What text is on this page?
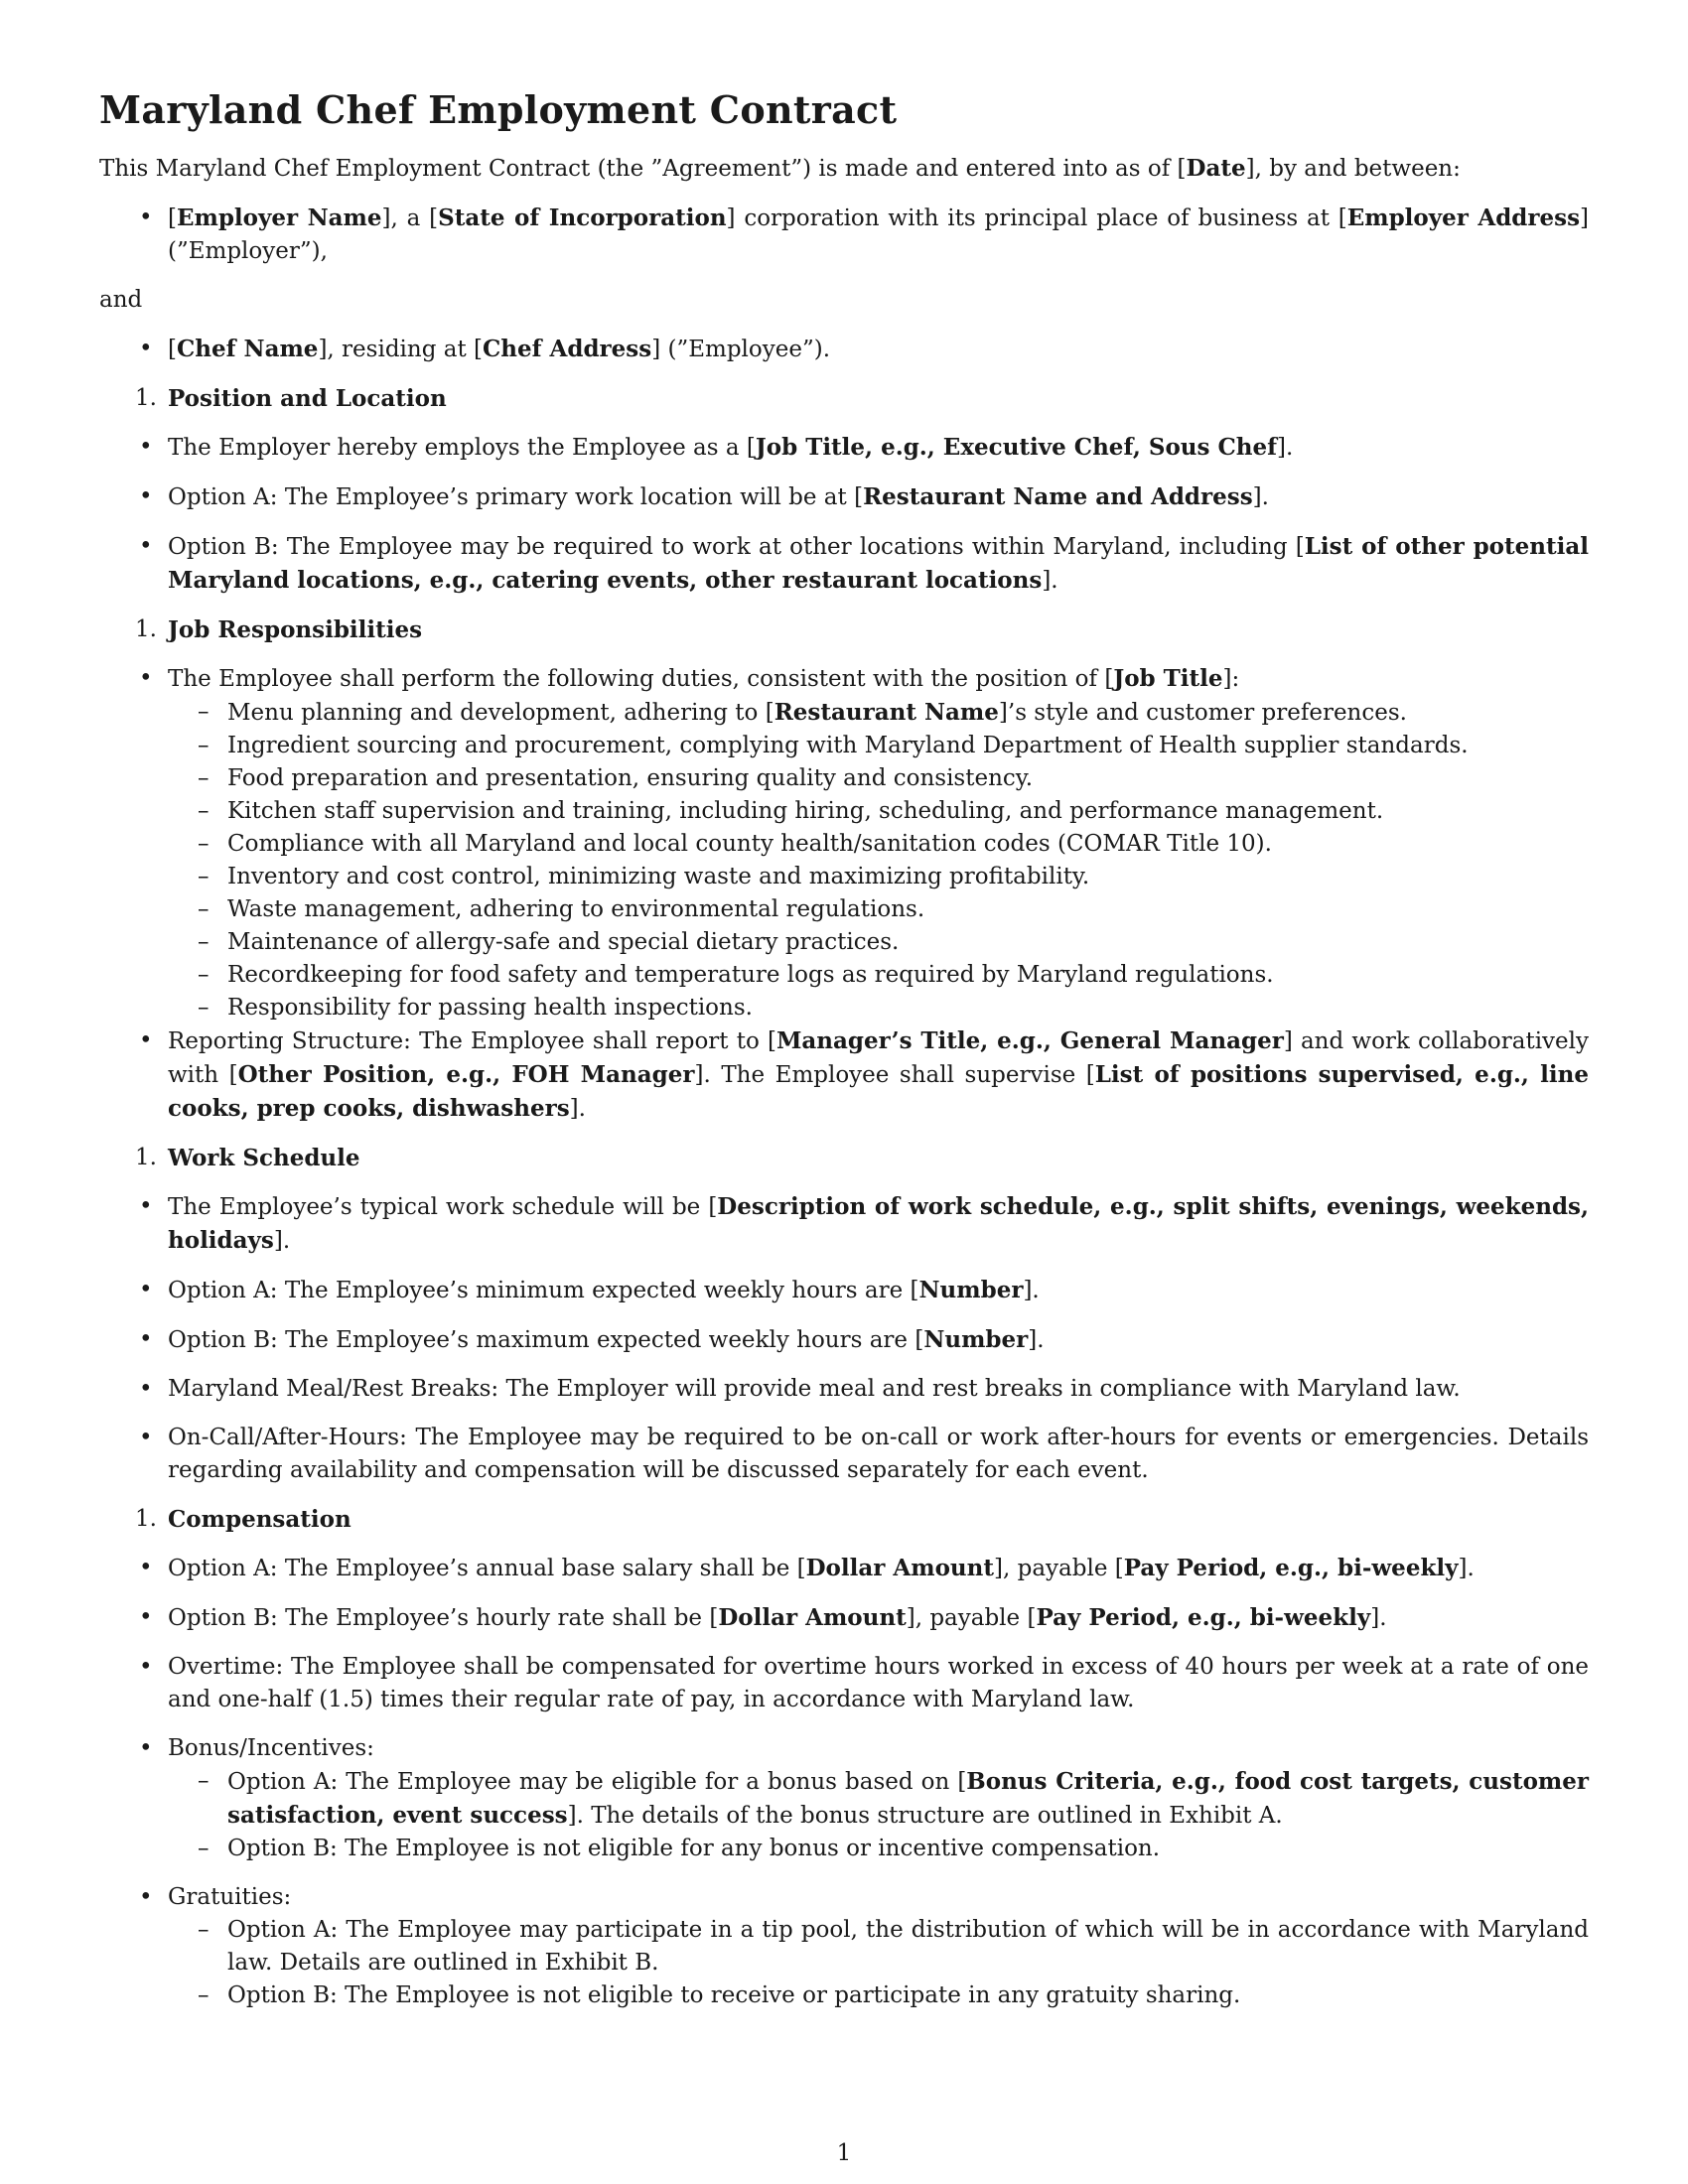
Maryland Chef Employment Contract

This Maryland Chef Employment Contract (the ”Agreement”) is made and entered into as of [Date], by and between:

• [Employer Name], a [State of Incorporation] corporation with its principal place of business at [Employer Address] (”Employer”),

and

• [Chef Name], residing at [Chef Address] (”Employee”).
1. Position and Location
• The Employer hereby employs the Employee as a [Job Title, e.g., Executive Chef, Sous Chef].
• Option A: The Employee’s primary work location will be at [Restaurant Name and Address].
• Option B: The Employee may be required to work at other locations within Maryland, including [List of other potential Maryland locations, e.g., catering events, other restaurant locations].
1. Job Responsibilities
• The Employee shall perform the following duties, consistent with the position of [Job Title]:
– Menu planning and development, adhering to [Restaurant Name]’s style and customer preferences.
– Ingredient sourcing and procurement, complying with Maryland Department of Health supplier standards.
– Food preparation and presentation, ensuring quality and consistency.
– Kitchen staff supervision and training, including hiring, scheduling, and performance management.
– Compliance with all Maryland and local county health/sanitation codes (COMAR Title 10).
– Inventory and cost control, minimizing waste and maximizing profitability.
– Waste management, adhering to environmental regulations.
– Maintenance of allergy-safe and special dietary practices.
– Recordkeeping for food safety and temperature logs as required by Maryland regulations.
– Responsibility for passing health inspections.
• Reporting Structure: The Employee shall report to [Manager’s Title, e.g., General Manager] and work collaboratively with [Other Position, e.g., FOH Manager]. The Employee shall supervise [List of positions supervised, e.g., line cooks, prep cooks, dishwashers].
1. Work Schedule
• The Employee’s typical work schedule will be [Description of work schedule, e.g., split shifts, evenings, weekends, holidays].
• Option A: The Employee’s minimum expected weekly hours are [Number].
• Option B: The Employee’s maximum expected weekly hours are [Number].
• Maryland Meal/Rest Breaks: The Employer will provide meal and rest breaks in compliance with Maryland law.
• On-Call/After-Hours: The Employee may be required to be on-call or work after-hours for events or emergencies. Details regarding availability and compensation will be discussed separately for each event.
1. Compensation
• Option A: The Employee’s annual base salary shall be [Dollar Amount], payable [Pay Period, e.g., bi-weekly].
• Option B: The Employee’s hourly rate shall be [Dollar Amount], payable [Pay Period, e.g., bi-weekly].
• Overtime: The Employee shall be compensated for overtime hours worked in excess of 40 hours per week at a rate of one and one-half (1.5) times their regular rate of pay, in accordance with Maryland law.
• Bonus/Incentives:
– Option A: The Employee may be eligible for a bonus based on [Bonus Criteria, e.g., food cost targets, customer satisfaction, event success]. The details of the bonus structure are outlined in Exhibit A.
– Option B: The Employee is not eligible for any bonus or incentive compensation.
• Gratuities:
– Option A: The Employee may participate in a tip pool, the distribution of which will be in accordance with Maryland law. Details are outlined in Exhibit B.
– Option B: The Employee is not eligible to receive or participate in any gratuity sharing.
1
